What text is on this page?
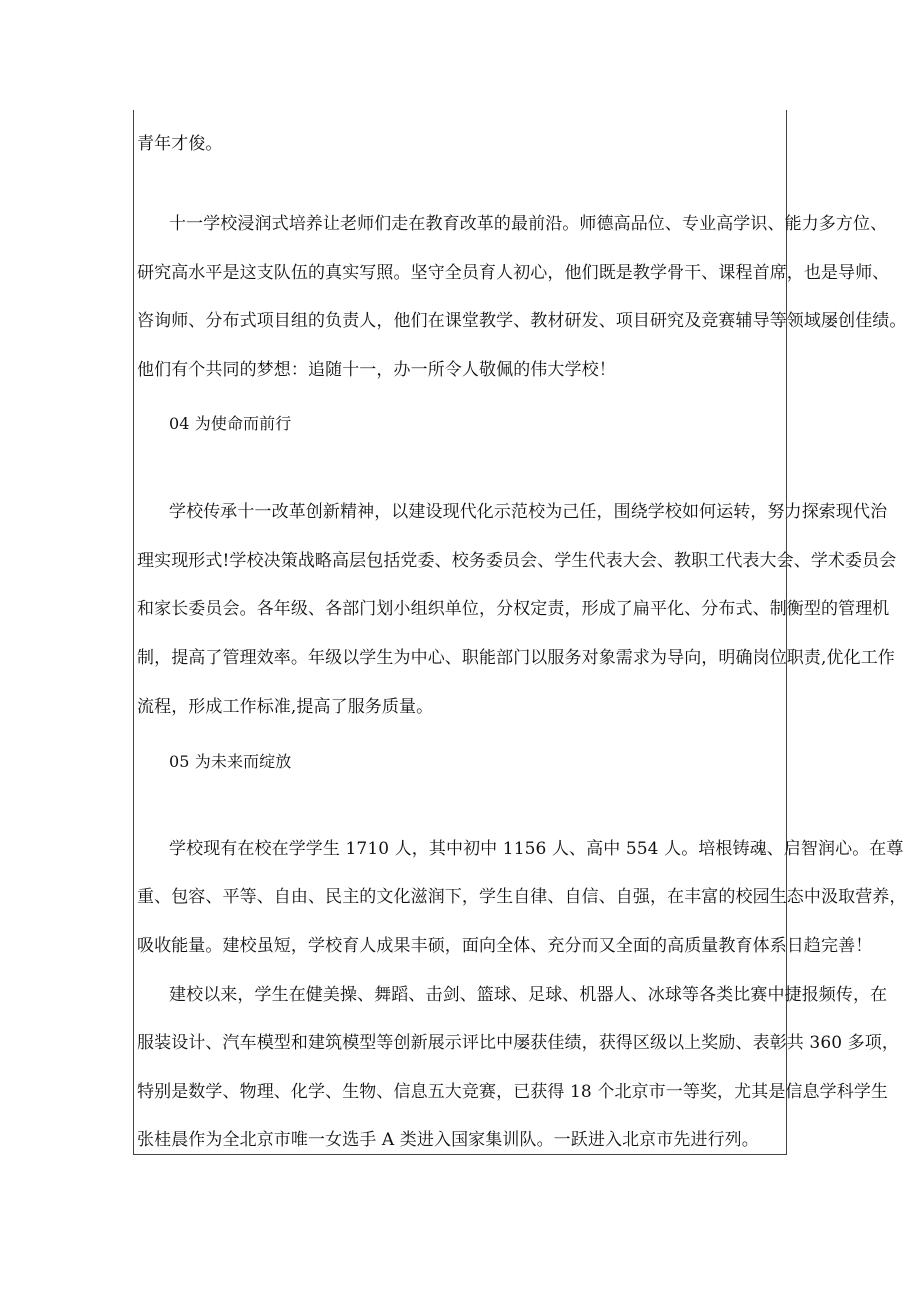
青年才俊。
十一学校浸润式培养让老师们走在教育改革的最前沿。师德高品位、专业高学识、能力多方位、
研究高水平是这支队伍的真实写照。坚守全员育人初心，他们既是教学骨干、课程首席，也是导师、
咨询师、分布式项目组的负责人，他们在课堂教学、教材研发、项目研究及竞赛辅导等领域屡创佳绩。
他们有个共同的梦想：追随十一，办一所令人敬佩的伟大学校！
04 为使命而前行
学校传承十一改革创新精神，以建设现代化示范校为己任，围绕学校如何运转，努力探索现代治
理实现形式!学校决策战略高层包括党委、校务委员会、学生代表大会、教职工代表大会、学术委员会
和家长委员会。各年级、各部门划小组织单位，分权定责，形成了扁平化、分布式、制衡型的管理机
制，提高了管理效率。年级以学生为中心、职能部门以服务对象需求为导向，明确岗位职责,优化工作
流程，形成工作标准,提高了服务质量。
05 为未来而绽放
学校现有在校在学学生 1710 人，其中初中 1156 人、高中 554 人。培根铸魂、启智润心。在尊
重、包容、平等、自由、民主的文化滋润下，学生自律、自信、自强，在丰富的校园生态中汲取营养，
吸收能量。建校虽短，学校育人成果丰硕，面向全体、充分而又全面的高质量教育体系日趋完善！
建校以来，学生在健美操、舞蹈、击剑、篮球、足球、机器人、冰球等各类比赛中捷报频传，在
服装设计、汽车模型和建筑模型等创新展示评比中屡获佳绩，获得区级以上奖励、表彰共 360 多项，
特别是数学、物理、化学、生物、信息五大竞赛，已获得 18 个北京市一等奖，尤其是信息学科学生
张桂晨作为全北京市唯一女选手 A 类进入国家集训队。一跃进入北京市先进行列。
